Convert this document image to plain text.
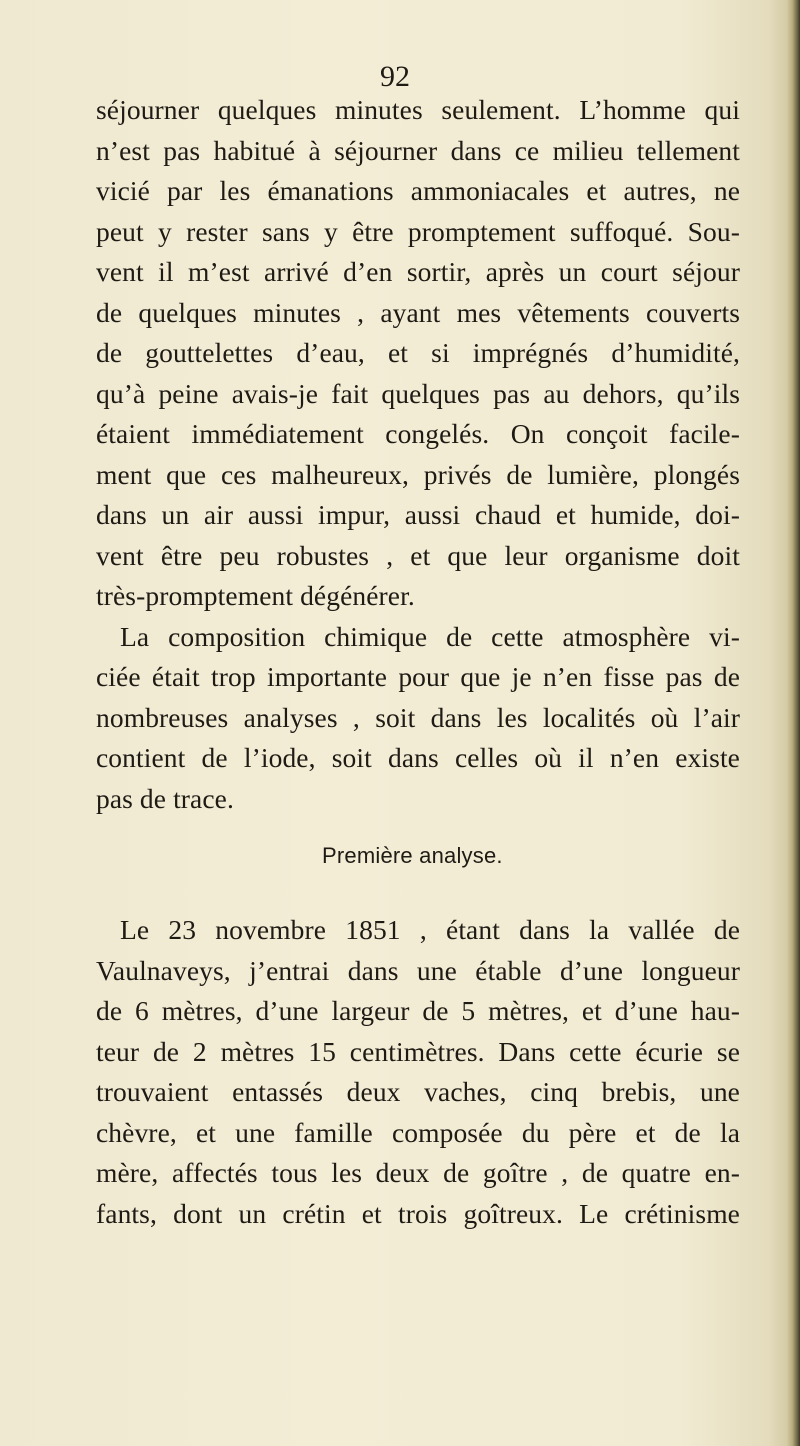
92
séjourner quelques minutes seulement. L’homme qui
n’est pas habitué à séjourner dans ce milieu tellement
vicié par les émanations ammoniacales et autres, ne
peut y rester sans y être promptement suffoqué. Sou-
vent il m’est arrivé d’en sortir, après un court séjour
de quelques minutes , ayant mes vêtements couverts
de gouttelettes d’eau, et si imprégnés d’humidité,
qu’à peine avais-je fait quelques pas au dehors, qu’ils
étaient immédiatement congelés. On conçoit facile-
ment que ces malheureux, privés de lumière, plongés
dans un air aussi impur, aussi chaud et humide, doi-
vent être peu robustes , et que leur organisme doit
très-promptement dégénérer.
La composition chimique de cette atmosphère vi-
ciée était trop importante pour que je n’en fisse pas de
nombreuses analyses , soit dans les localités où l’air
contient de l’iode, soit dans celles où il n’en existe
pas de trace.
Première analyse.
Le 23 novembre 1851 , étant dans la vallée de
Vaulnaveys, j’entrai dans une étable d’une longueur
de 6 mètres, d’une largeur de 5 mètres, et d’une hau-
teur de 2 mètres 15 centimètres. Dans cette écurie se
trouvaient entassés deux vaches, cinq brebis, une
chèvre, et une famille composée du père et de la
mère, affectés tous les deux de goître , de quatre en-
fants, dont un crétin et trois goîtreux. Le crétinisme
